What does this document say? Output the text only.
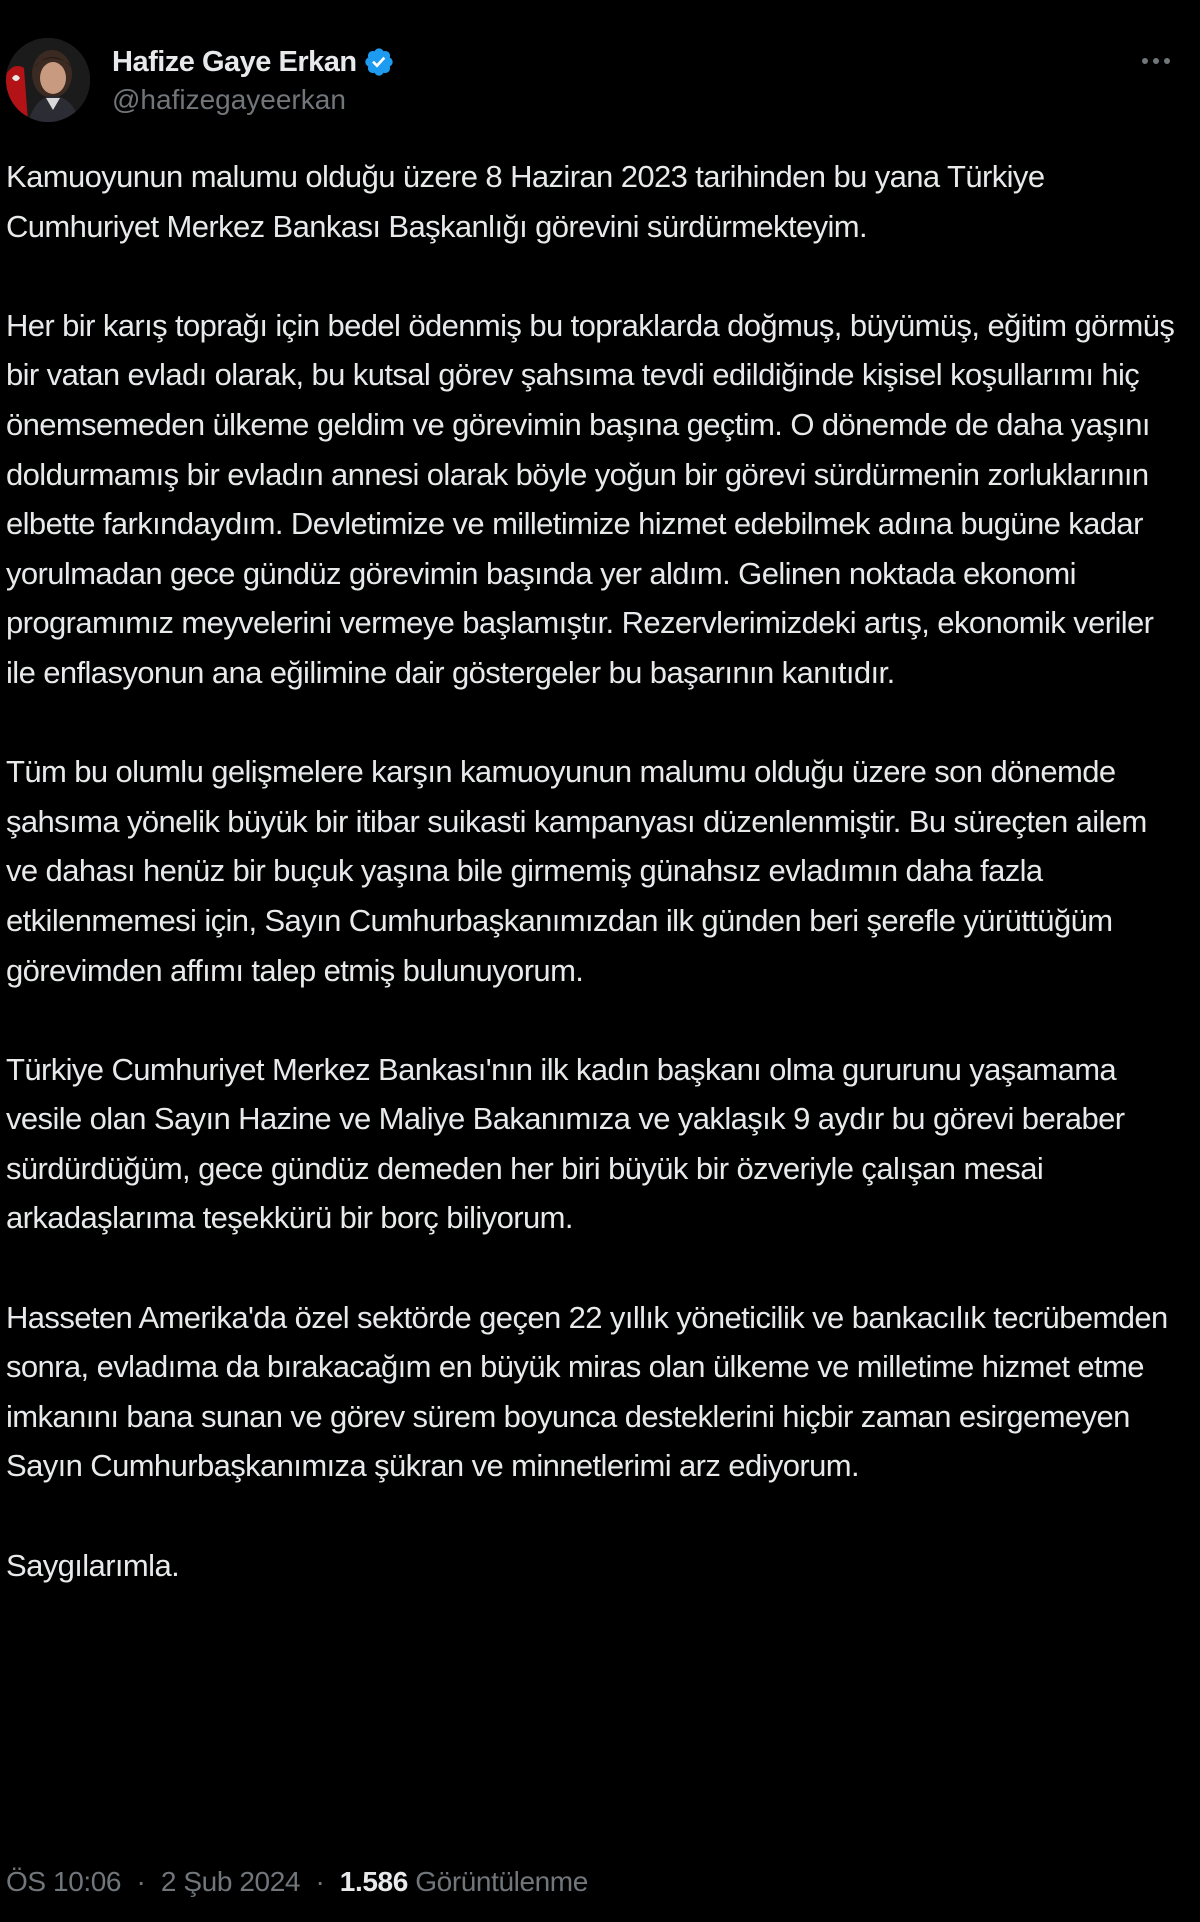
Hafize Gaye Erkan
@hafizegayeerkan

Kamuoyunun malumu olduğu üzere 8 Haziran 2023 tarihinden bu yana Türkiye Cumhuriyet Merkez Bankası Başkanlığı görevini sürdürmekteyim.

Her bir karış toprağı için bedel ödenmiş bu topraklarda doğmuş, büyümüş, eğitim görmüş bir vatan evladı olarak, bu kutsal görev şahsıma tevdi edildiğinde kişisel koşullarımı hiç önemsemeden ülkeme geldim ve görevimin başına geçtim. O dönemde de daha yaşını doldurmamış bir evladın annesi olarak böyle yoğun bir görevi sürdürmenin zorluklarının elbette farkındaydım. Devletimize ve milletimize hizmet edebilmek adına bugüne kadar yorulmadan gece gündüz görevimin başında yer aldım. Gelinen noktada ekonomi programımız meyvelerini vermeye başlamıştır. Rezervlerimizdeki artış, ekonomik veriler ile enflasyonun ana eğilimine dair göstergeler bu başarının kanıtıdır.

Tüm bu olumlu gelişmelere karşın kamuoyunun malumu olduğu üzere son dönemde şahsıma yönelik büyük bir itibar suikasti kampanyası düzenlenmiştir. Bu süreçten ailem ve dahası henüz bir buçuk yaşına bile girmemiş günahsız evladımın daha fazla etkilenmemesi için, Sayın Cumhurbaşkanımızdan ilk günden beri şerefle yürüttüğüm görevimden affımı talep etmiş bulunuyorum.

Türkiye Cumhuriyet Merkez Bankası'nın ilk kadın başkanı olma gururunu yaşamama vesile olan Sayın Hazine ve Maliye Bakanımıza ve yaklaşık 9 aydır bu görevi beraber sürdürdüğüm, gece gündüz demeden her biri büyük bir özveriyle çalışan mesai arkadaşlarıma teşekkürü bir borç biliyorum.

Hasseten Amerika'da özel sektörde geçen 22 yıllık yöneticilik ve bankacılık tecrübemden sonra, evladıma da bırakacağım en büyük miras olan ülkeme ve milletime hizmet etme imkanını bana sunan ve görev sürem boyunca desteklerini hiçbir zaman esirgemeyen Sayın Cumhurbaşkanımıza şükran ve minnetlerimi arz ediyorum.

Saygılarımla.

ÖS 10:06 · 2 Şub 2024 · 1.586 Görüntülenme
